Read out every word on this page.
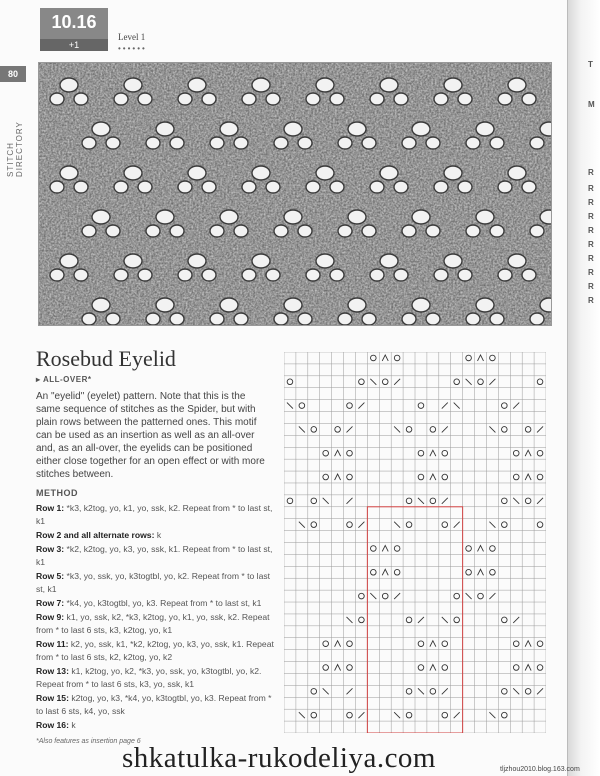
T
M
R
R
R
R
R
R
R
R
R
R
10.16
+1
Level 1
••••••
80
STITCH DIRECTORY
Rosebud Eyelid
▸ ALL-OVER*
An "eyelid" (eyelet) pattern. Note that this is the same sequence of stitches as the Spider, but with plain rows between the patterned ones. This motif can be used as an insertion as well as an all-over and, as an all-over, the eyelids can be positioned either close together for an open effect or with more stitches between.
METHOD

Row 1: *k3, k2tog, yo, k1, yo, ssk, k2. Repeat from * to last st, k1

Row 2 and all alternate rows: k

Row 3: *k2, k2tog, yo, k3, yo, ssk, k1. Repeat from * to last st, k1

Row 5: *k3, yo, ssk, yo, k3togtbl, yo, k2. Repeat from * to last st, k1

Row 7: *k4, yo, k3togtbl, yo, k3. Repeat from * to last st, k1

Row 9: k1, yo, ssk, k2, *k3, k2tog, yo, k1, yo, ssk, k2. Repeat from * to last 6 sts, k3, k2tog, yo, k1

Row 11: k2, yo, ssk, k1, *k2, k2tog, yo, k3, yo, ssk, k1. Repeat from * to last 6 sts, k2, k2tog, yo, k2

Row 13: k1, k2tog, yo, k2, *k3, yo, ssk, yo, k3togtbl, yo, k2. Repeat from * to last 6 sts, k3, yo, ssk, k1

Row 15: k2tog, yo, k3, *k4, yo, k3togtbl, yo, k3. Repeat from * to last 6 sts, k4, yo, ssk

Row 16: k

*Also features as insertion page 6
shkatulka-rukodeliya.com	tljzhou2010.blog.163.com
